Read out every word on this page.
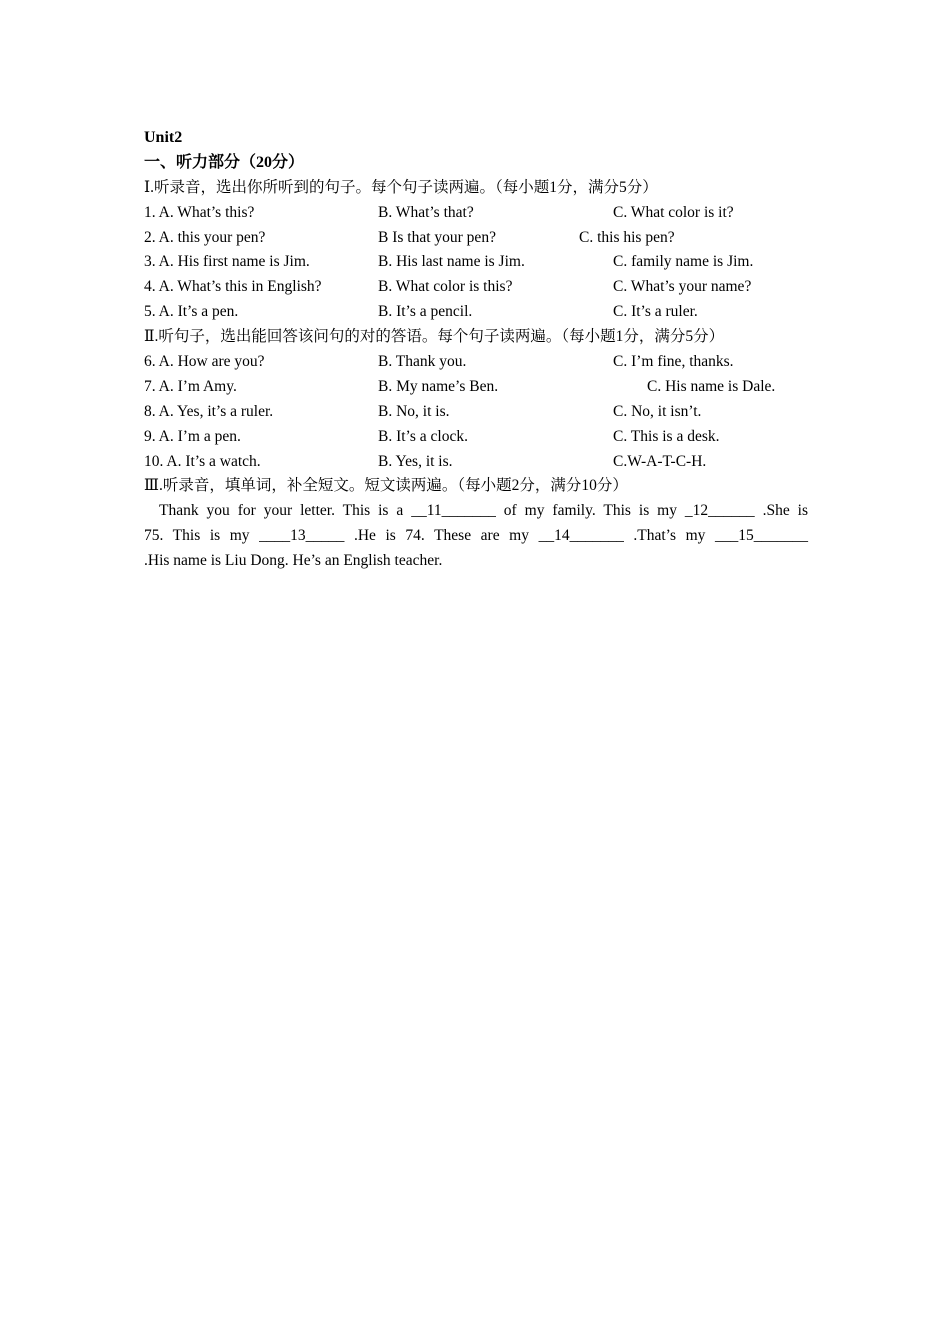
Unit2
一、听力部分（20分）
Ⅰ.听录音，选出你所听到的句子。每个句子读两遍。（每小题1分，满分5分）
1. A. What’s this?	B. What’s that?	C. What color is it?
2. A. this your pen?	B Is that your pen?	C. this his pen?
3. A. His first name is Jim.	B. His last name is Jim.	C. family name is Jim.
4. A. What’s this in English?	B. What color is this?	C. What’s your name?
5. A. It’s a pen.	B. It’s a pencil.	C. It’s a ruler.
Ⅱ.听句子，选出能回答该问句的对的答语。每个句子读两遍。（每小题1分，满分5分）
6. A. How are you?	B. Thank you.	C. I’m fine, thanks.
7. A. I’m Amy.	B. My name’s Ben.	C. His name is Dale.
8. A. Yes, it’s a ruler.	B. No, it is.	C. No, it isn’t.
9. A. I’m a pen.	B. It’s a clock.	C. This is a desk.
10. A. It’s a watch.	B. Yes, it is.	C.W-A-T-C-H.
Ⅲ.听录音，填单词，补全短文。短文读两遍。（每小题2分，满分10分）
Thank you for your letter. This is a __11_______ of my family. This is my _12______ .She is
75. This is my ____13_____ .He is 74. These are my __14_______ .That’s my ___15_______
.His name is Liu Dong. He’s an English teacher.
